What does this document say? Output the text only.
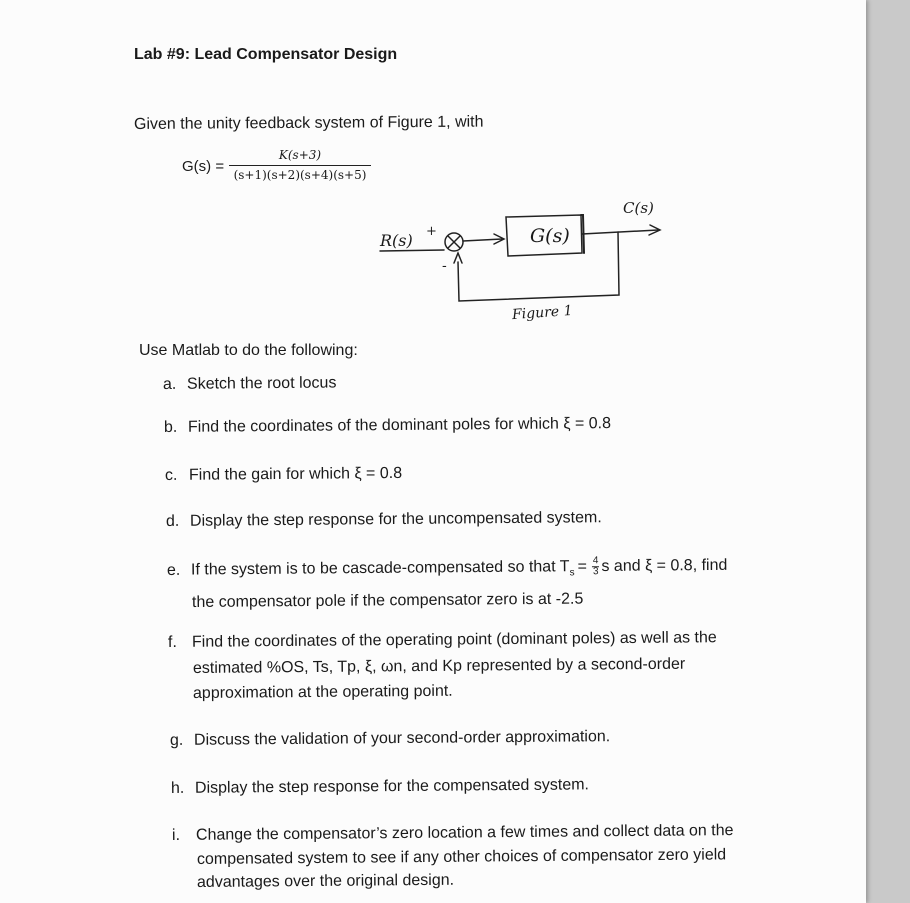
Lab #9: Lead Compensator Design
Given the unity feedback system of Figure 1, with
G(s) =
K(s+3)
(s+1)(s+2)(s+4)(s+5)
R(s) +
-
G(s)
C(s)
Figure 1
Use Matlab to do the following:
a. Sketch the root locus
b. Find the coordinates of the dominant poles for which ξ = 0.8
c. Find the gain for which ξ = 0.8
d. Display the step response for the uncompensated system.
e. If the system is to be cascade-compensated so that $T_s = \frac{4}{3}$ s and ξ = 0.8, find
the compensator pole if the compensator zero is at -2.5
f. Find the coordinates of the operating point (dominant poles) as well as the
estimated %OS, Ts, Tp, ξ, ωn, and Kp represented by a second-order
approximation at the operating point.
g. Discuss the validation of your second-order approximation.
h. Display the step response for the compensated system.
i. Change the compensator’s zero location a few times and collect data on the
compensated system to see if any other choices of compensator zero yield
advantages over the original design.
